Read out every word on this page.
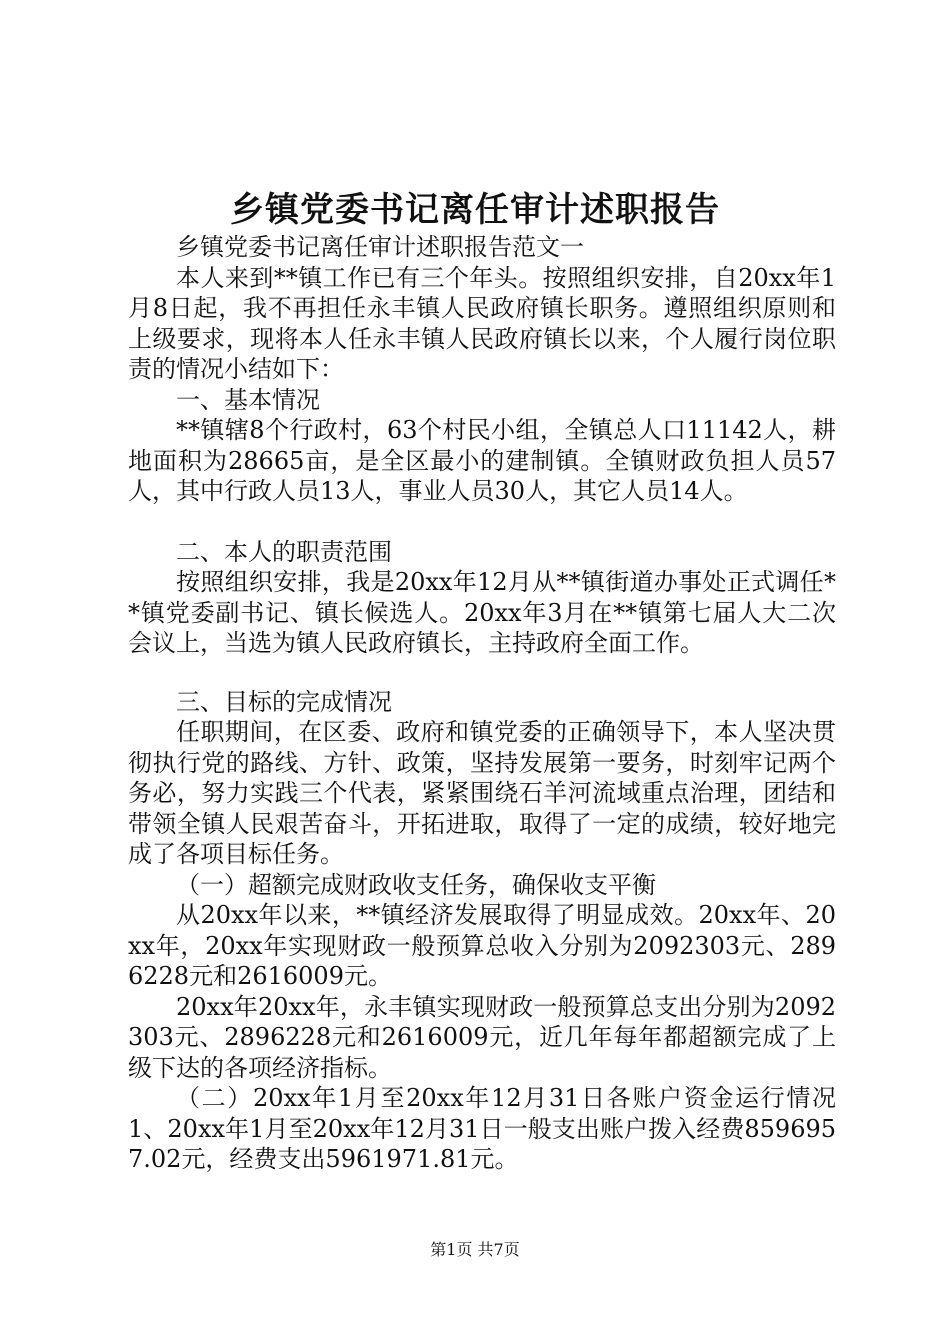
乡镇党委书记离任审计述职报告

乡镇党委书记离任审计述职报告范文一

本人来到**镇工作已有三个年头。按照组织安排，自20xx年1月8日起，我不再担任永丰镇人民政府镇长职务。遵照组织原则和上级要求，现将本人任永丰镇人民政府镇长以来，个人履行岗位职责的情况小结如下：

一、基本情况

**镇辖8个行政村，63个村民小组，全镇总人口11142人，耕地面积为28665亩，是全区最小的建制镇。全镇财政负担人员57人，其中行政人员13人，事业人员30人，其它人员14人。

二、本人的职责范围

按照组织安排，我是20xx年12月从**镇街道办事处正式调任**镇党委副书记、镇长候选人。20xx年3月在**镇第七届人大二次会议上，当选为镇人民政府镇长，主持政府全面工作。

三、目标的完成情况

任职期间，在区委、政府和镇党委的正确领导下，本人坚决贯彻执行党的路线、方针、政策，坚持发展第一要务，时刻牢记两个务必，努力实践三个代表，紧紧围绕石羊河流域重点治理，团结和带领全镇人民艰苦奋斗，开拓进取，取得了一定的成绩，较好地完成了各项目标任务。

（一）超额完成财政收支任务，确保收支平衡

从20xx年以来，**镇经济发展取得了明显成效。20xx年、20xx年，20xx年实现财政一般预算总收入分别为2092303元、2896228元和2616009元。

20xx年20xx年，永丰镇实现财政一般预算总支出分别为2092303元、2896228元和2616009元，近几年每年都超额完成了上级下达的各项经济指标。

（二）20xx年1月至20xx年12月31日各账户资金运行情况1、20xx年1月至20xx年12月31日一般支出账户拨入经费8596957.02元，经费支出5961971.81元。

第1页 共7页
